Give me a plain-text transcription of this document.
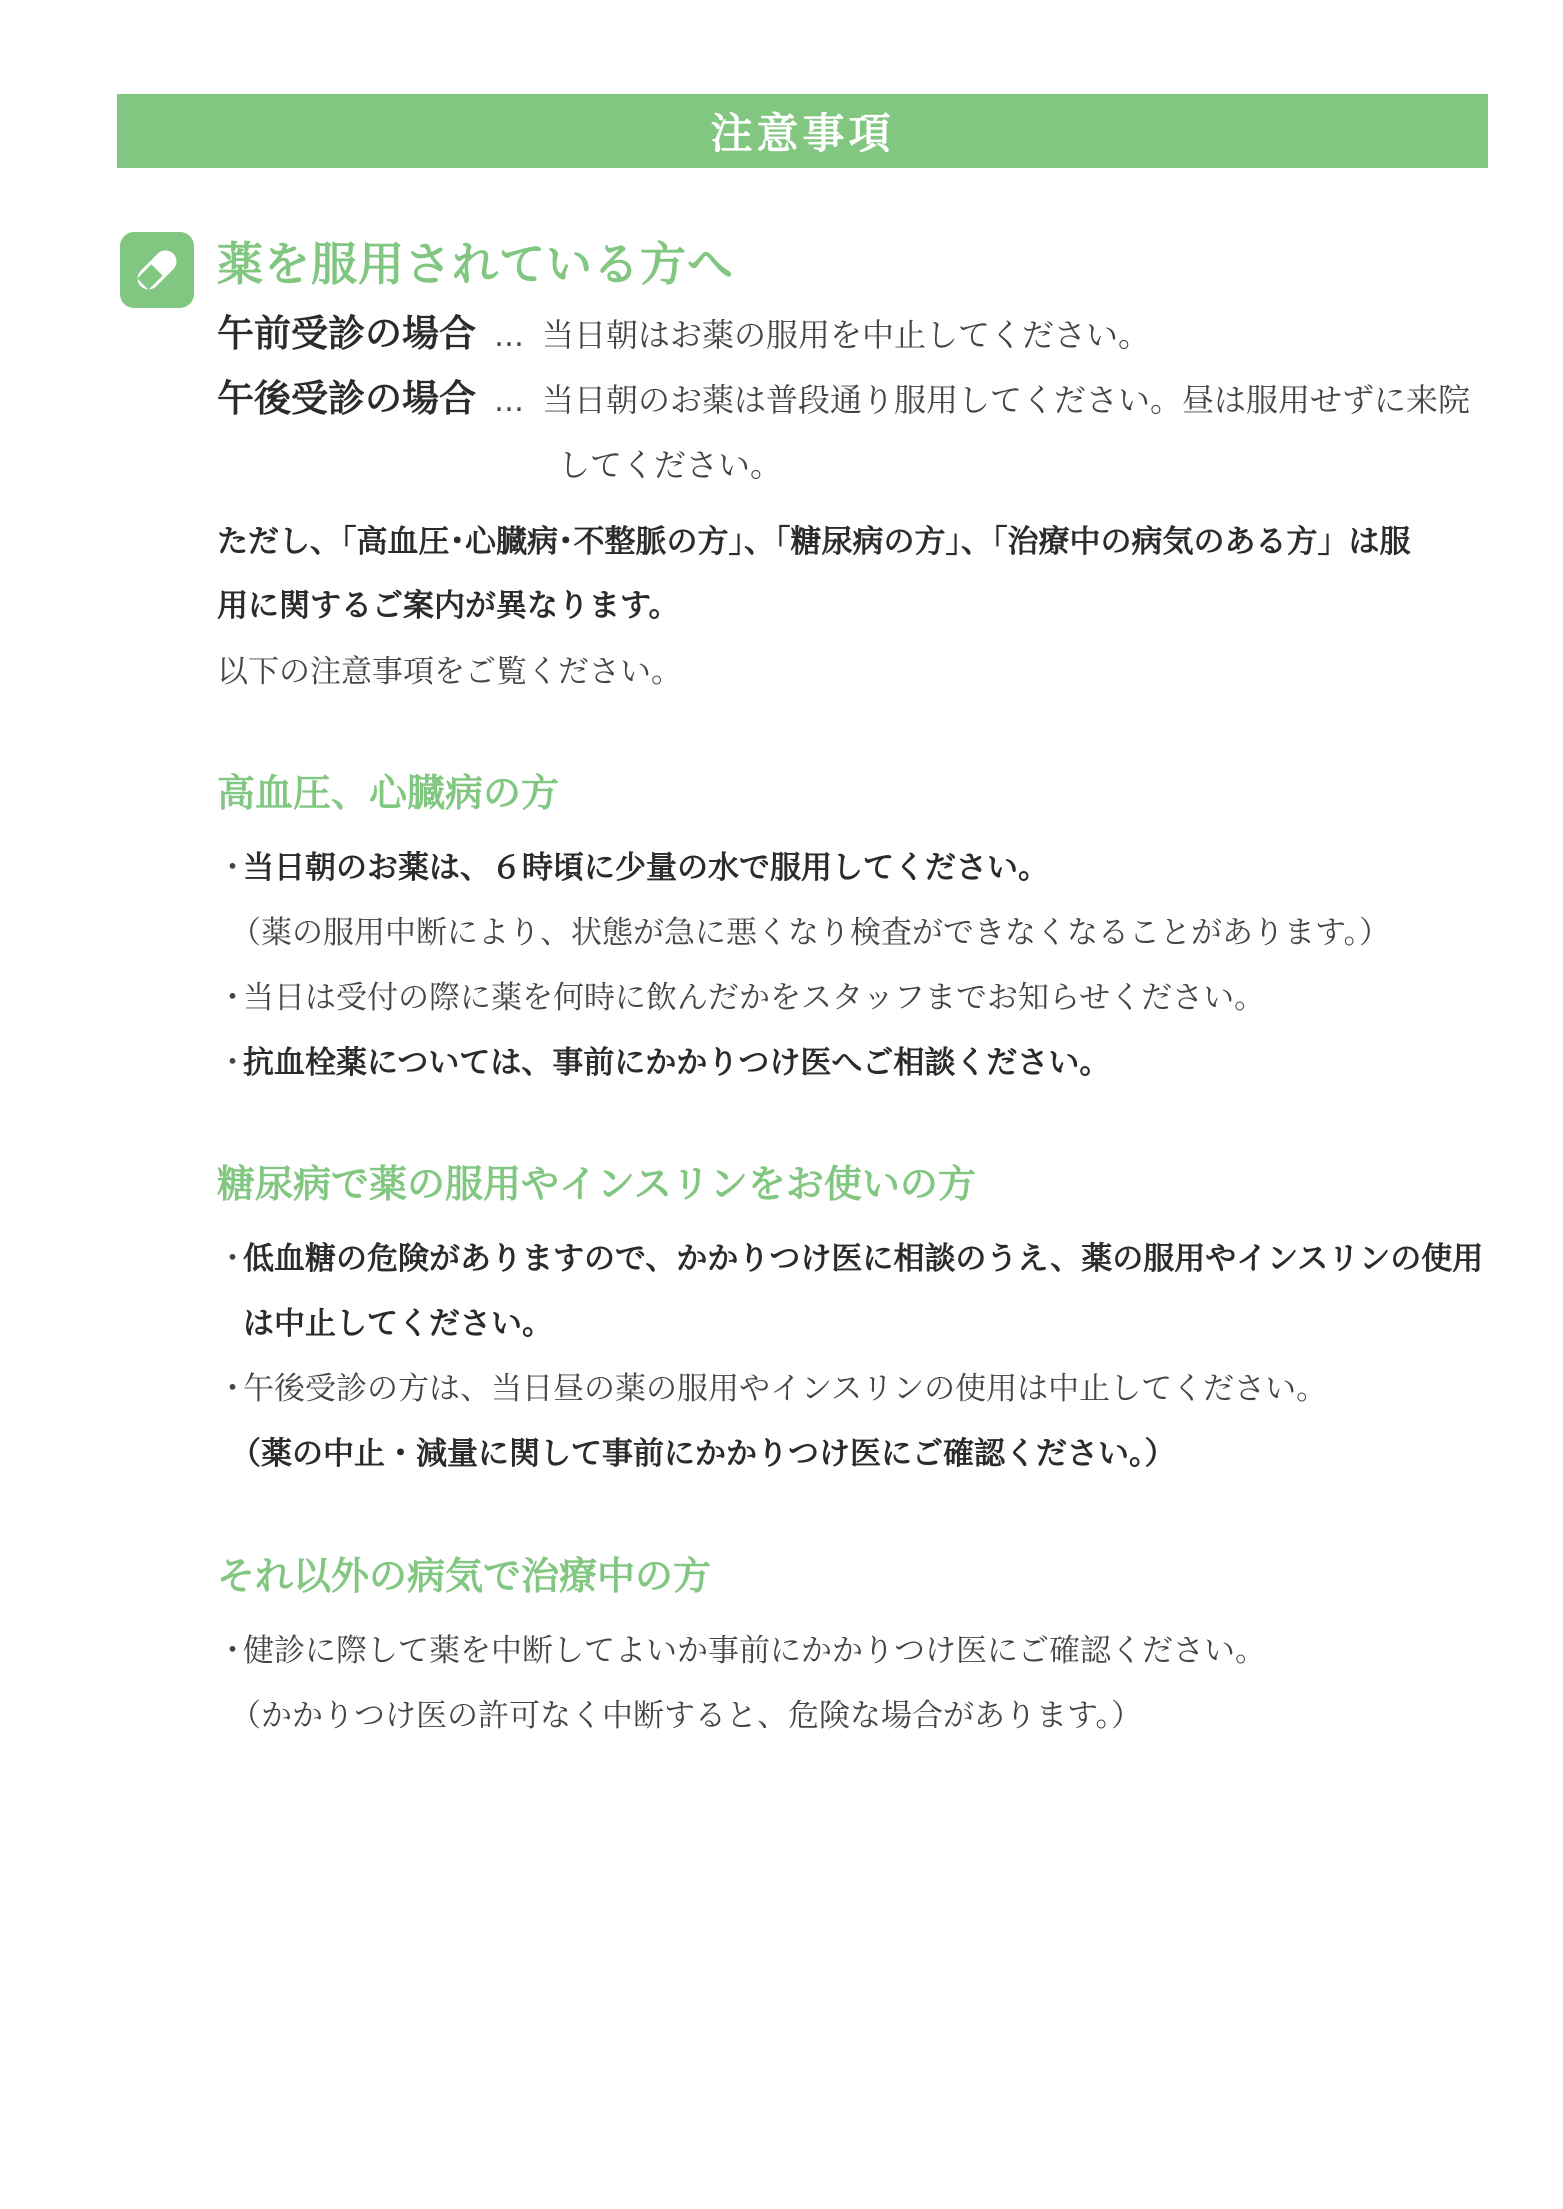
注意事項
薬を服用されている方へ
午前受診の場合 … 当日朝はお薬の服用を中止してください。
午後受診の場合 … 当日朝のお薬は普段通り服用してください。昼は服用せずに来院
してください。
ただし、「高血圧･心臓病･不整脈の方」、「糖尿病の方」、「治療中の病気のある方」は服
用に関するご案内が異なります。
以下の注意事項をご覧ください。
高血圧、心臓病の方
・
当日朝のお薬は、６時頃に少量の水で服用してください。
（薬の服用中断により、状態が急に悪くなり検査ができなくなることがあります。）
・
当日は受付の際に薬を何時に飲んだかをスタッフまでお知らせください。
・
抗血栓薬については、事前にかかりつけ医へご相談ください。
糖尿病で薬の服用やインスリンをお使いの方
・
低血糖の危険がありますので、かかりつけ医に相談のうえ、薬の服用やインスリンの使用
は中止してください。
・
午後受診の方は、当日昼の薬の服用やインスリンの使用は中止してください。
（薬の中止・減量に関して事前にかかりつけ医にご確認ください。）
それ以外の病気で治療中の方
・
健診に際して薬を中断してよいか事前にかかりつけ医にご確認ください。
（かかりつけ医の許可なく中断すると、危険な場合があります。）
